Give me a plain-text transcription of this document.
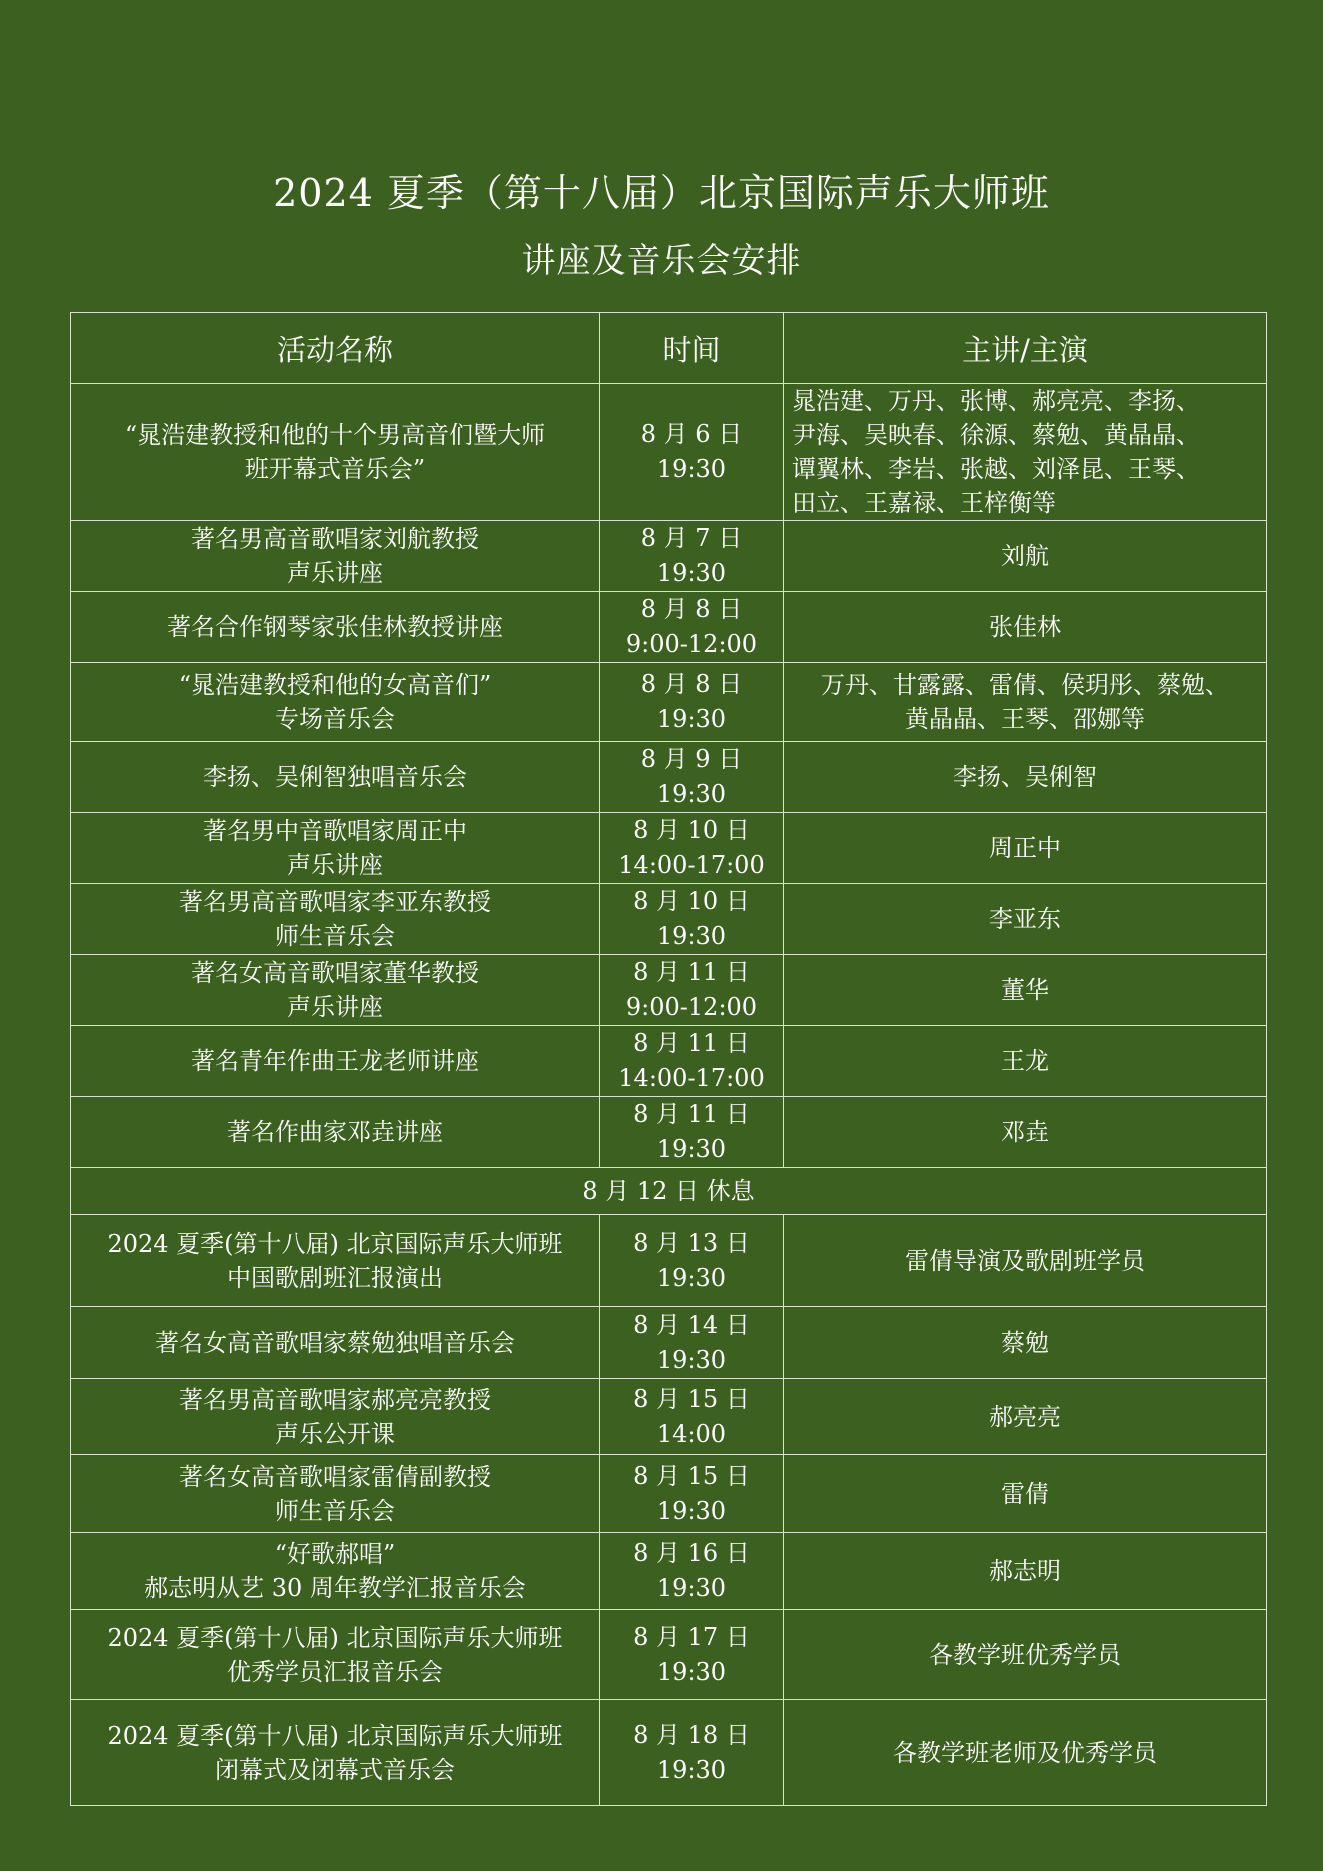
2024 夏季（第十八届）北京国际声乐大师班
讲座及音乐会安排
活动名称	时间	主讲/主演

“晁浩建教授和他的十个男高音们暨大师
班开幕式音乐会”	8 月 6 日
19:30	晁浩建、万丹、张博、郝亮亮、李扬、
尹海、吴映春、徐源、蔡勉、黄晶晶、
谭翼林、李岩、张越、刘泽昆、王琴、
田立、王嘉禄、王梓衡等

著名男高音歌唱家刘航教授
声乐讲座	8 月 7 日
19:30	刘航

著名合作钢琴家张佳林教授讲座	8 月 8 日
9:00-12:00	张佳林

“晁浩建教授和他的女高音们”
专场音乐会	8 月 8 日
19:30	万丹、甘露露、雷倩、侯玥彤、蔡勉、
黄晶晶、王琴、邵娜等

李扬、吴俐智独唱音乐会	8 月 9 日
19:30	李扬、吴俐智

著名男中音歌唱家周正中
声乐讲座	8 月 10 日
14:00-17:00	周正中

著名男高音歌唱家李亚东教授
师生音乐会	8 月 10 日
19:30	李亚东

著名女高音歌唱家董华教授
声乐讲座	8 月 11 日
9:00-12:00	董华

著名青年作曲王龙老师讲座	8 月 11 日
14:00-17:00	王龙

著名作曲家邓垚讲座	8 月 11 日
19:30	邓垚

8 月 12 日 休息		

2024 夏季(第十八届) 北京国际声乐大师班
中国歌剧班汇报演出	8 月 13 日
19:30	雷倩导演及歌剧班学员

著名女高音歌唱家蔡勉独唱音乐会	8 月 14 日
19:30	蔡勉

著名男高音歌唱家郝亮亮教授
声乐公开课	8 月 15 日
14:00	郝亮亮

著名女高音歌唱家雷倩副教授
师生音乐会	8 月 15 日
19:30	雷倩

“好歌郝唱”
郝志明从艺 30 周年教学汇报音乐会	8 月 16 日
19:30	郝志明

2024 夏季(第十八届) 北京国际声乐大师班
优秀学员汇报音乐会	8 月 17 日
19:30	各教学班优秀学员

2024 夏季(第十八届) 北京国际声乐大师班
闭幕式及闭幕式音乐会	8 月 18 日
19:30	各教学班老师及优秀学员
